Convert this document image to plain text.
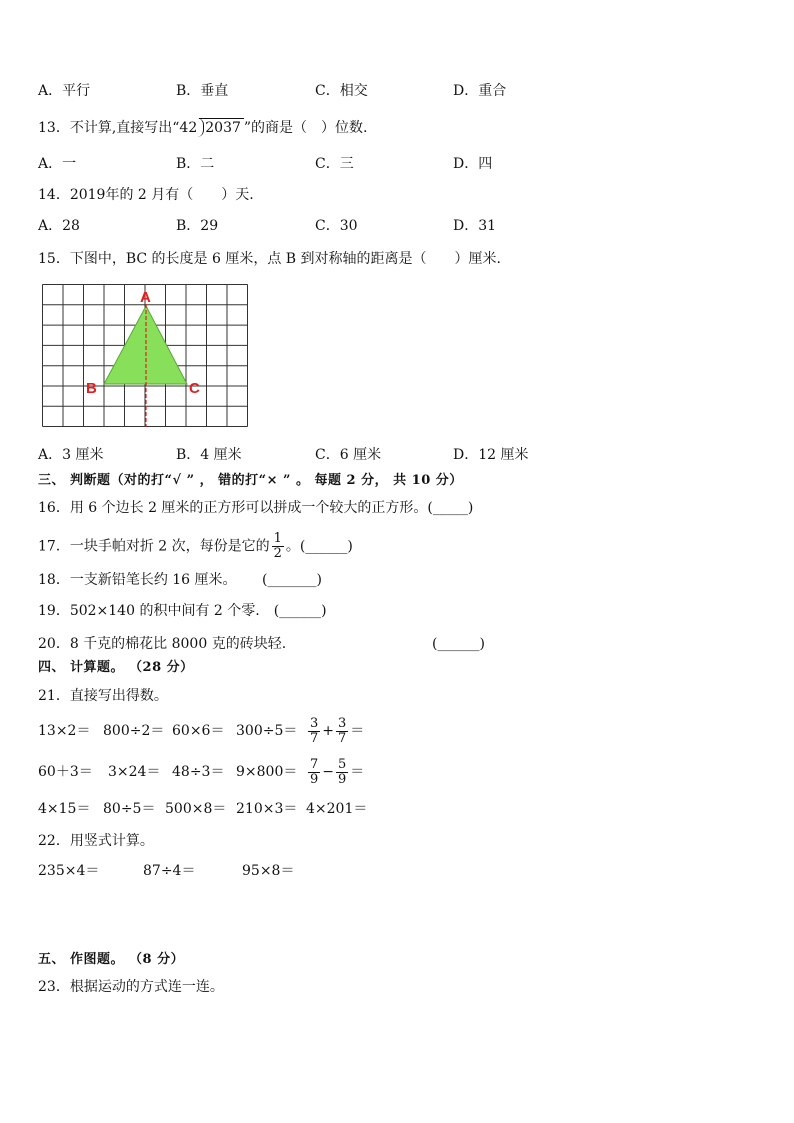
A．平行	B．垂直	C．相交	D．重合
13．不计算,直接写出“42 2037 ”的商是（　）位数.
A．一	B．二	C．三	D．四
14．2019年的 2 月有（　　）天.
A．28	B．29	C．30	D．31
15．下图中，BC 的长度是 6 厘米，点 B 到对称轴的距离是（　　）厘米.
A
B	C
A．3 厘米	B．4 厘米	C．6 厘米	D．12 厘米
三、 判断题（对的打“√ ” ， 错的打“× ” 。 每题 2 分， 共 10 分）
16．用 6 个边长 2 厘米的正方形可以拼成一个较大的正方形。(_____)
17．一块手帕对折 2 次，每份是它的 $\frac{1}{2}$ 。(______)
18．一支新铅笔长约 16 厘米。　 　(_______)
19．502×140 的积中间有 2 个零.　(______)
20．8 千克的棉花比 8000 克的砖块轻.	(______)
四、 计算题。 （28 分）
21．直接写出得数。
$13\times 2= 800\div 2= 60\times 6= 300\div 5= \frac{3}{7} + \frac{3}{7}$ ＝
$60+3= 3\times 24= 48\div 3= 9\times 800= \frac{7}{9} - \frac{5}{9}$ ＝
4×15＝ 80÷5＝ 500×8＝ 210×3＝ 4×201＝
22．用竖式计算。
235×4＝	87÷4＝	95×8＝
五、 作图题。 （8 分）
23．根据运动的方式连一连。
